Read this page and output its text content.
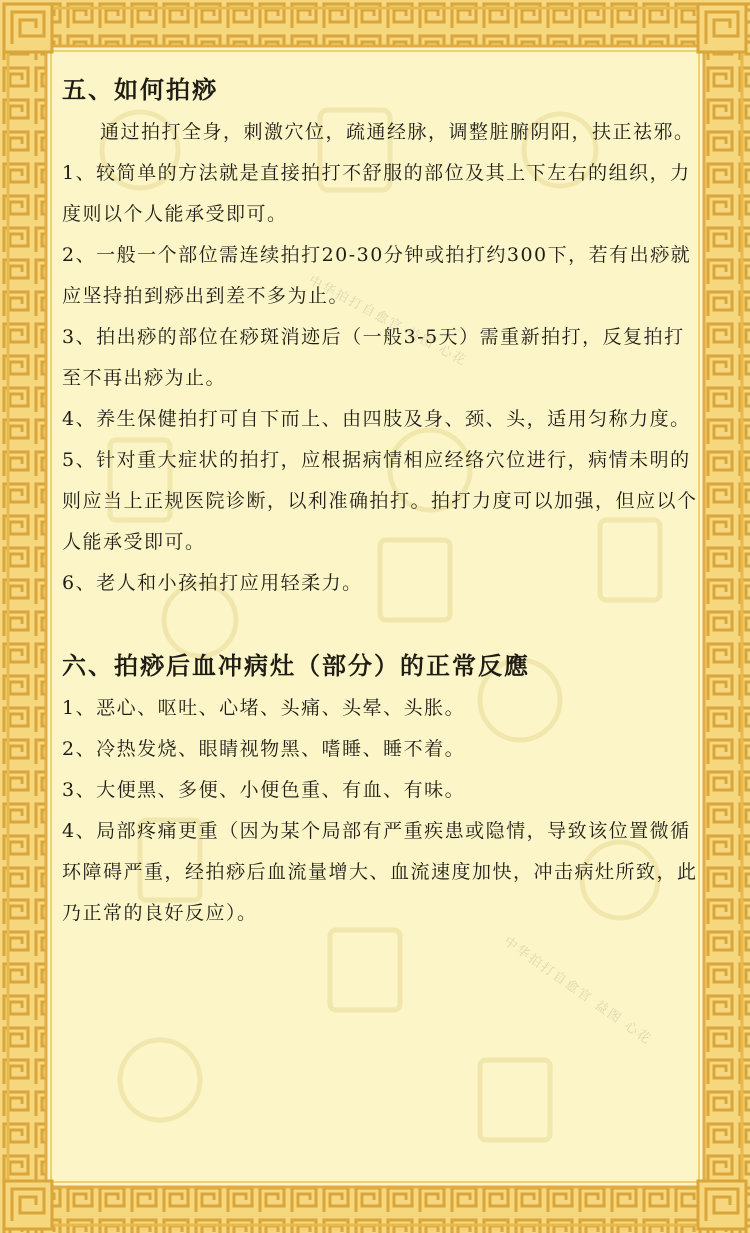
中华拍打自愈官 益图 心花
中华拍打自愈官 益图 心花
五、如何拍痧

通过拍打全身，刺激穴位，疏通经脉，调整脏腑阴阳，扶正祛邪。

1、较简单的方法就是直接拍打不舒服的部位及其上下左右的组织，力度则以个人能承受即可。

2、一般一个部位需连续拍打20-30分钟或拍打约300下，若有出痧就应坚持拍到痧出到差不多为止。

3、拍出痧的部位在痧斑消迹后（一般3-5天）需重新拍打，反复拍打至不再出痧为止。

4、养生保健拍打可自下而上、由四肢及身、颈、头，适用匀称力度。

5、针对重大症状的拍打，应根据病情相应经络穴位进行，病情未明的则应当上正规医院诊断，以利准确拍打。拍打力度可以加强，但应以个人能承受即可。

6、老人和小孩拍打应用轻柔力。

六、拍痧后血冲病灶（部分）的正常反應

1、恶心、呕吐、心堵、头痛、头晕、头胀。

2、冷热发烧、眼睛视物黑、嗜睡、睡不着。

3、大便黑、多便、小便色重、有血、有味。

4、局部疼痛更重（因为某个局部有严重疾患或隐情，导致该位置微循环障碍严重，经拍痧后血流量增大、血流速度加快，冲击病灶所致，此乃正常的良好反应）。
